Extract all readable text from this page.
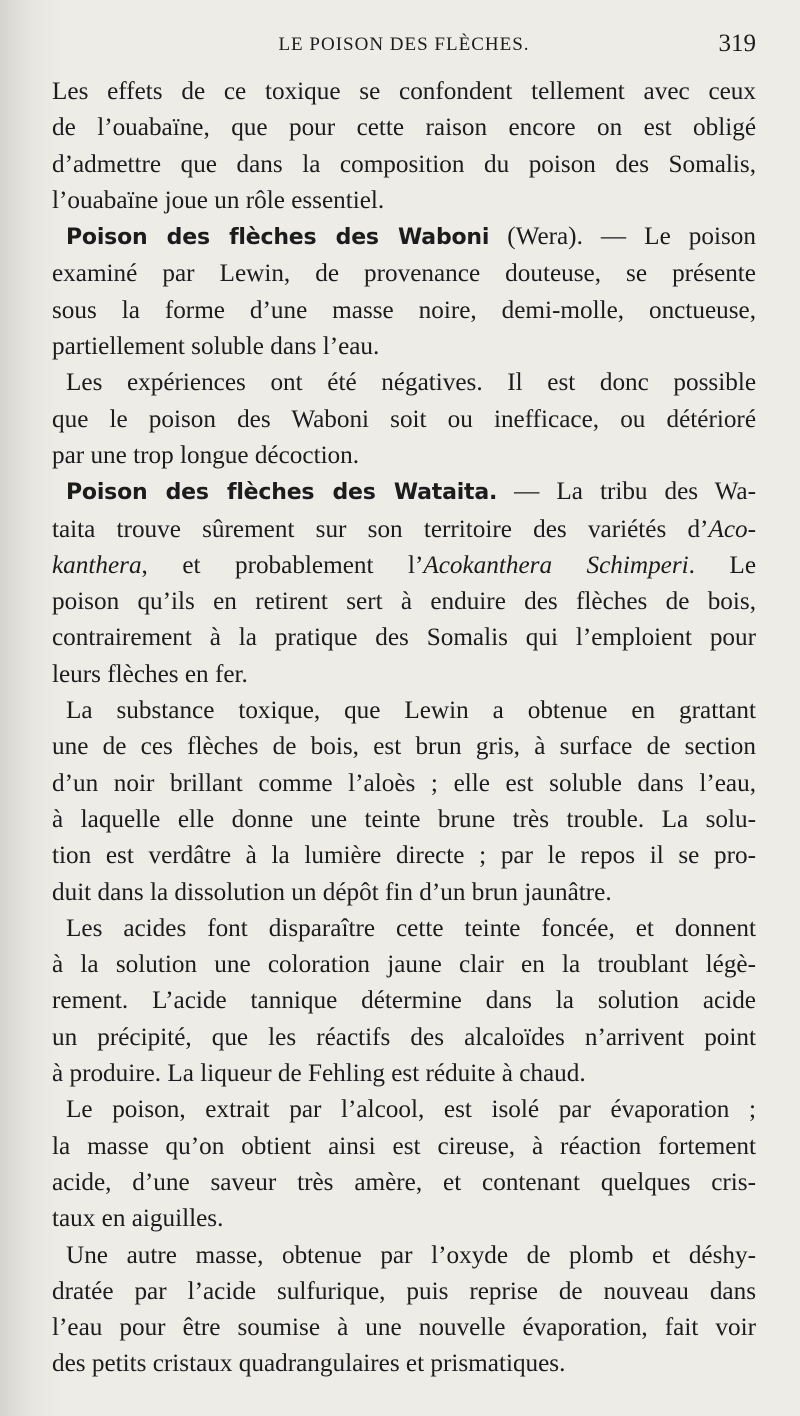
LE POISON DES FLÈCHES.	319

Les effets de ce toxique se confondent tellement avec ceux
de l’ouabaïne, que pour cette raison encore on est obligé
d’admettre que dans la composition du poison des Somalis,
l’ouabaïne joue un rôle essentiel.

Poison des flèches des Waboni (Wera). — Le poison
examiné par Lewin, de provenance douteuse, se présente
sous la forme d’une masse noire, demi-molle, onctueuse,
partiellement soluble dans l’eau.

Les expériences ont été négatives. Il est donc possible
que le poison des Waboni soit ou inefficace, ou détérioré
par une trop longue décoction.

Poison des flèches des Wataita. — La tribu des Wa-
taita trouve sûrement sur son territoire des variétés d’Aco-
kanthera, et probablement l’Acokanthera Schimperi. Le
poison qu’ils en retirent sert à enduire des flèches de bois,
contrairement à la pratique des Somalis qui l’emploient pour
leurs flèches en fer.

La substance toxique, que Lewin a obtenue en grattant
une de ces flèches de bois, est brun gris, à surface de section
d’un noir brillant comme l’aloès ; elle est soluble dans l’eau,
à laquelle elle donne une teinte brune très trouble. La solu-
tion est verdâtre à la lumière directe ; par le repos il se pro-
duit dans la dissolution un dépôt fin d’un brun jaunâtre.

Les acides font disparaître cette teinte foncée, et donnent
à la solution une coloration jaune clair en la troublant légè-
rement. L’acide tannique détermine dans la solution acide
un précipité, que les réactifs des alcaloïdes n’arrivent point
à produire. La liqueur de Fehling est réduite à chaud.

Le poison, extrait par l’alcool, est isolé par évaporation ;
la masse qu’on obtient ainsi est cireuse, à réaction fortement
acide, d’une saveur très amère, et contenant quelques cris-
taux en aiguilles.

Une autre masse, obtenue par l’oxyde de plomb et déshy-
dratée par l’acide sulfurique, puis reprise de nouveau dans
l’eau pour être soumise à une nouvelle évaporation, fait voir
des petits cristaux quadrangulaires et prismatiques.
